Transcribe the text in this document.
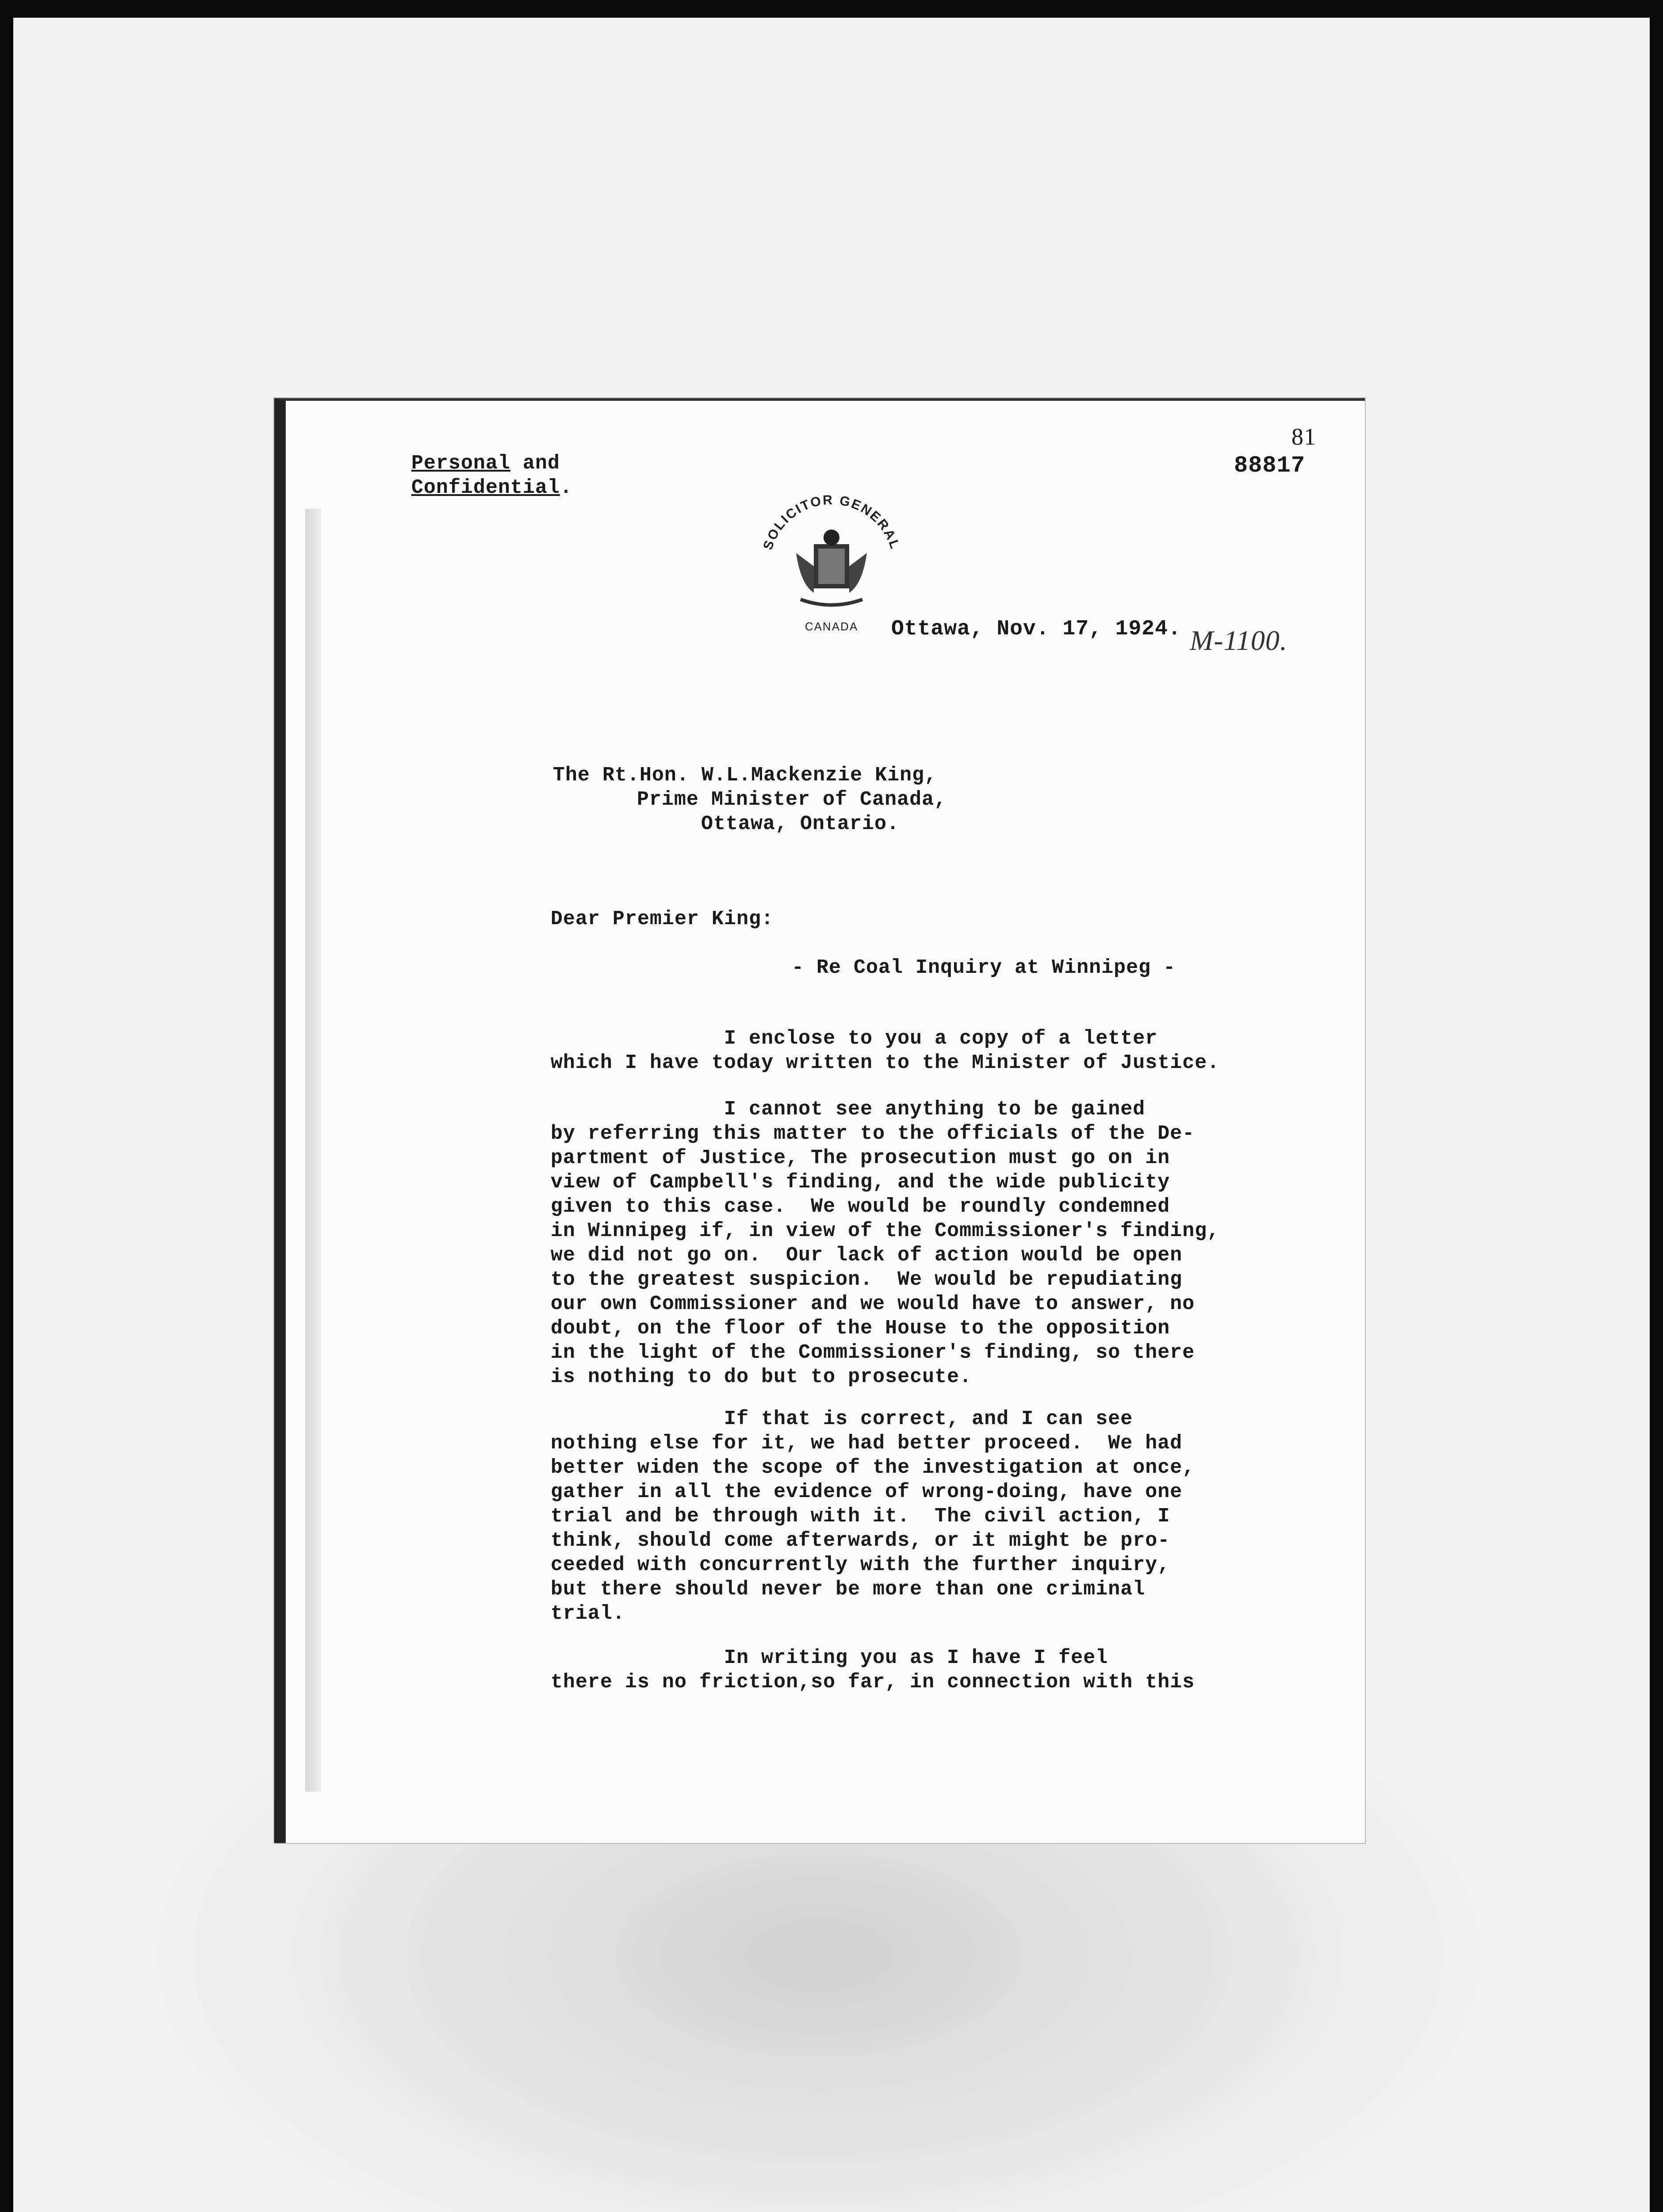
Personal and
Confidential.
81
88817
SOLICITOR GENERAL
CANADA Ottawa, Nov. 17, 1924. M-1100.
The Rt.Hon. W.L.Mackenzie King,
Prime Minister of Canada,
Ottawa, Ontario.
Dear Premier King:
- Re Coal Inquiry at Winnipeg -
I enclose to you a copy of a letter
which I have today written to the Minister of Justice.
I cannot see anything to be gained
by referring this matter to the officials of the De-
partment of Justice, The prosecution must go on in
view of Campbell's finding, and the wide publicity
given to this case.  We would be roundly condemned
in Winnipeg if, in view of the Commissioner's finding,
we did not go on.  Our lack of action would be open
to the greatest suspicion.  We would be repudiating
our own Commissioner and we would have to answer, no
doubt, on the floor of the House to the opposition
in the light of the Commissioner's finding, so there
is nothing to do but to prosecute.
If that is correct, and I can see
nothing else for it, we had better proceed.  We had
better widen the scope of the investigation at once,
gather in all the evidence of wrong-doing, have one
trial and be through with it.  The civil action, I
think, should come afterwards, or it might be pro-
ceeded with concurrently with the further inquiry,
but there should never be more than one criminal
trial.
In writing you as I have I feel
there is no friction,so far, in connection with this
